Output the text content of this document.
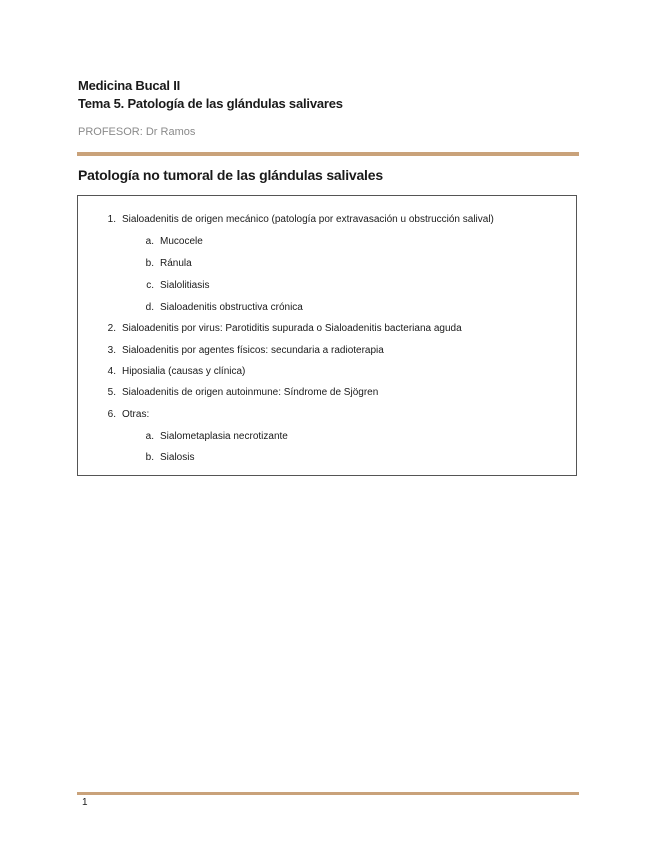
Medicina Bucal II
Tema 5. Patología de las glándulas salivares
PROFESOR: Dr Ramos
Patología no tumoral de las glándulas salivales
1. Sialoadenitis de origen mecánico (patología por extravasación u obstrucción salival)
a. Mucocele
b. Ránula
c. Sialolitiasis
d. Sialoadenitis obstructiva crónica
2. Sialoadenitis por virus: Parotiditis supurada o Sialoadenitis bacteriana aguda
3. Sialoadenitis por agentes físicos: secundaria a radioterapia
4. Hiposialia (causas y clínica)
5. Sialoadenitis de origen autoinmune: Síndrome de Sjögren
6. Otras:
a. Sialometaplasia necrotizante
b. Sialosis
1
